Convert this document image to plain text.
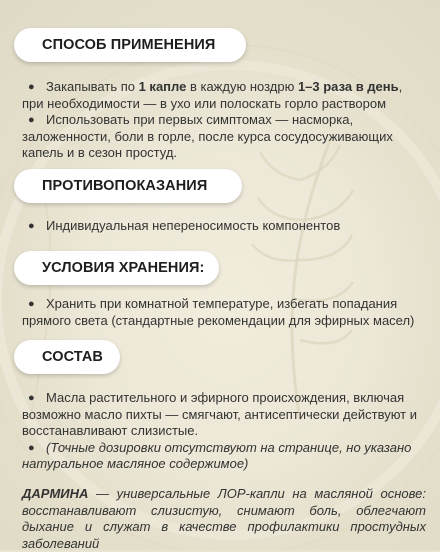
СПОСОБ ПРИМЕНЕНИЯ

● Закапывать по 1 капле в каждую ноздрю 1–3 раза в день, при необходимости — в ухо или полоскать горло раствором

● Использовать при первых симптомах — насморка, заложенности, боли в горле, после курса сосудосуживающих капель и в сезон простуд.

ПРОТИВОПОКАЗАНИЯ

● Индивидуальная непереносимость компонентов

УСЛОВИЯ ХРАНЕНИЯ:

● Хранить при комнатной температуре, избегать попадания прямого света (стандартные рекомендации для эфирных масел)

СОСТАВ

● Масла растительного и эфирного происхождения, включая возможно масло пихты — смягчают, антисептически действуют и восстанавливают слизистые.

● (Точные дозировки отсутствуют на странице, но указано натуральное масляное содержимое)

ДАРМИНА — универсальные ЛОР-капли на масляной основе: восстанавливают слизистую, снимают боль, облегчают дыхание и служат в качестве профилактики простудных заболеваний
